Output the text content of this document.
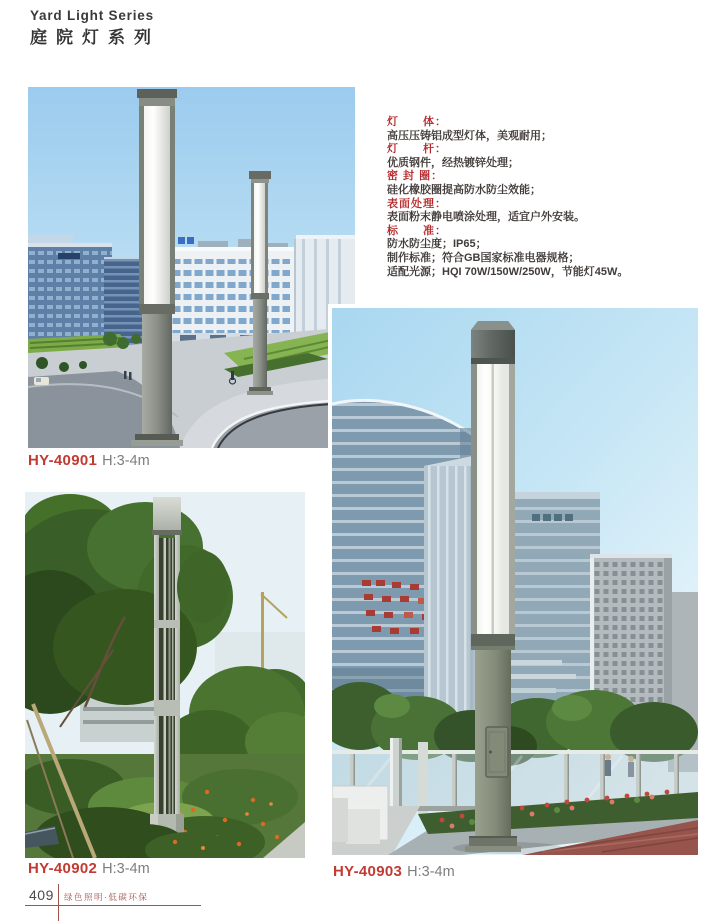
Yard Light Series
庭院灯系列
灯　　体：
高压压铸铝成型灯体，美观耐用；
灯　　杆：
优质钢件，经热镀锌处理；
密 封 圈：
硅化橡胶圈提高防水防尘效能；
表面处理：
表面粉末静电喷涂处理，适宜户外安装。
标　　准：
防水防尘度；IP65；
制作标准；符合GB国家标准电器规格；
适配光源；HQI 70W/150W/250W，节能灯45W。
HY-40901 H:3-4m
HY-40902 H:3-4m	HY-40903 H:3-4m
409 绿色照明·低碳环保
